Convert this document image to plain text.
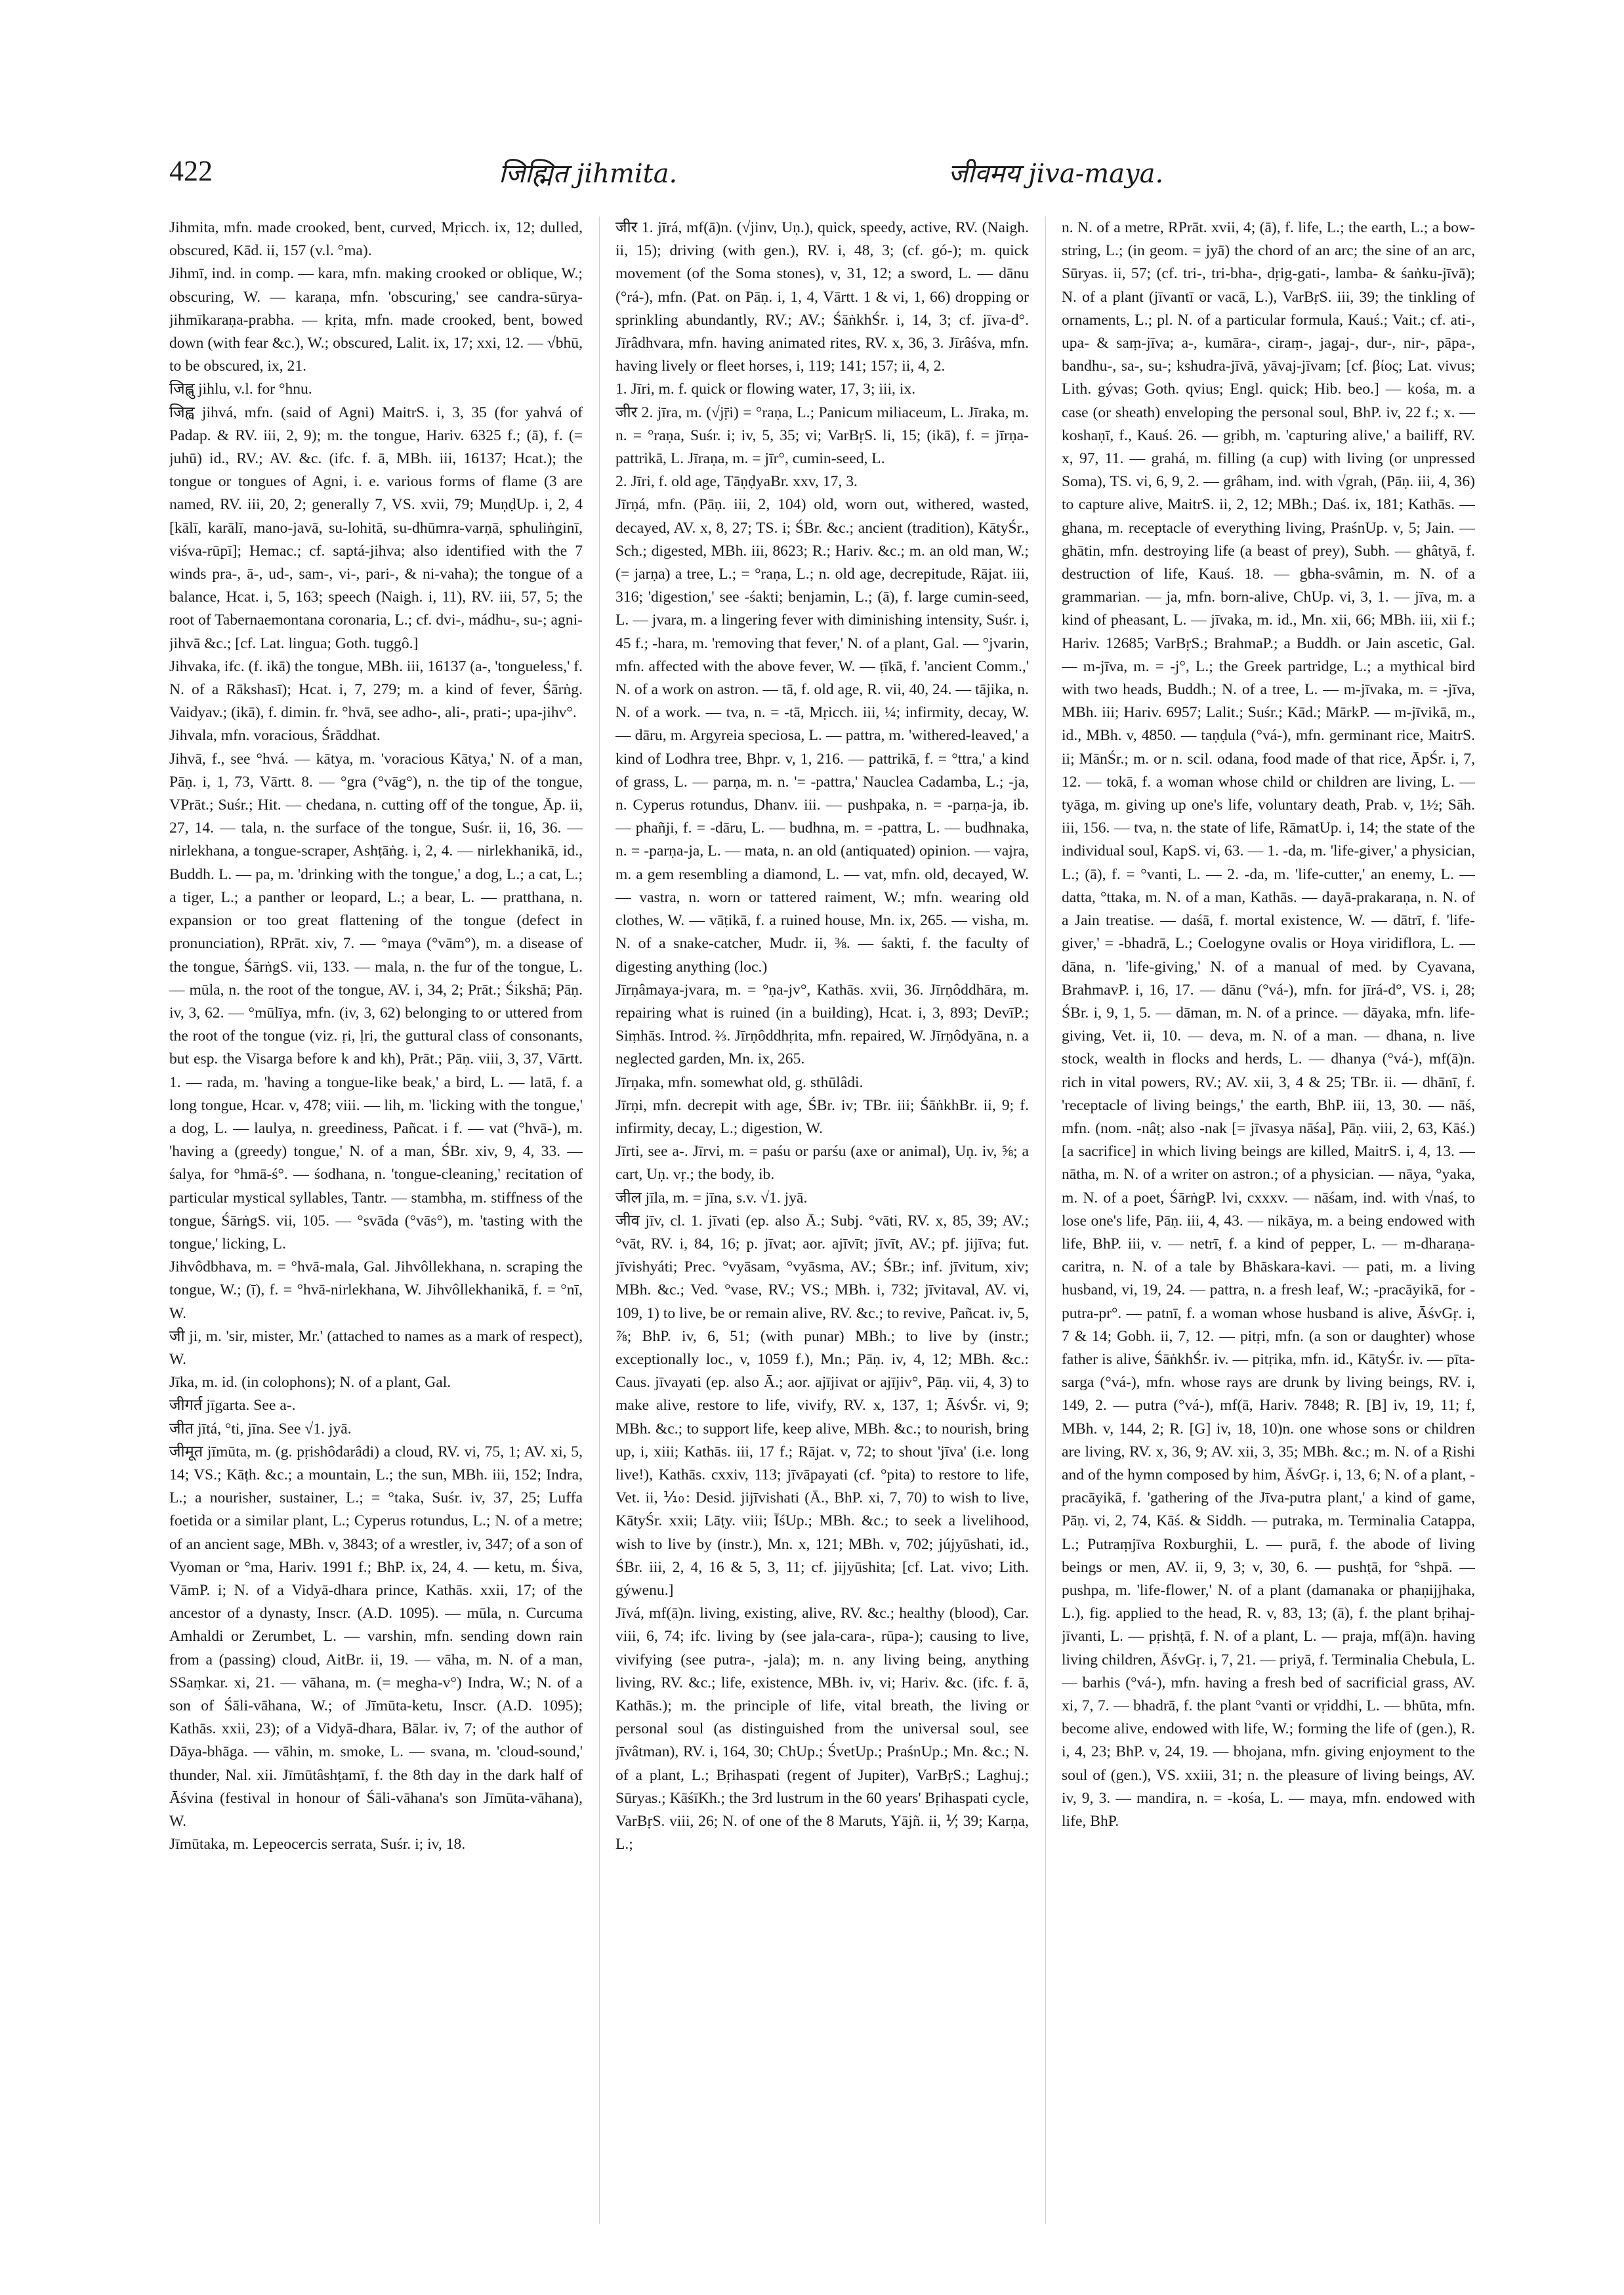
422	जिह्मित jihmita.	जीवमय jiva-maya.

Jihmita, mfn. made crooked, bent, curved, Mṛicch. ix, 12; dulled, obscured, Kād. ii, 157 (v.l. °ma).

Jihmī, ind. in comp. — kara, mfn. making crooked or oblique, W.; obscuring, W. — karaṇa, mfn. 'obscuring,' see candra-sūrya-jihmīkaraṇa-prabha. — kṛita, mfn. made crooked, bent, bowed down (with fear &c.), W.; obscured, Lalit. ix, 17; xxi, 12. — √bhū, to be obscured, ix, 21.

जिह्लु jihlu, v.l. for °hnu.

जिह्व jihvá, mfn. (said of Agni) MaitrS. i, 3, 35 (for yahvá of Padap. & RV. iii, 2, 9); m. the tongue, Hariv. 6325 f.; (ā), f. (= juhū) id., RV.; AV. &c. (ifc. f. ā, MBh. iii, 16137; Hcat.); the tongue or tongues of Agni, i. e. various forms of flame (3 are named, RV. iii, 20, 2; generally 7, VS. xvii, 79; MuṇḍUp. i, 2, 4 [kālī, karālī, mano-javā, su-lohitā, su-dhūmra-varṇā, sphuliṅginī, viśva-rūpī]; Hemac.; cf. saptá-jihva; also identified with the 7 winds pra-, ā-, ud-, sam-, vi-, pari-, & ni-vaha); the tongue of a balance, Hcat. i, 5, 163; speech (Naigh. i, 11), RV. iii, 57, 5; the root of Tabernaemontana coronaria, L.; cf. dvi-, mádhu-, su-; agni-jihvā &c.; [cf. Lat. lingua; Goth. tuggô.]

Jihvaka, ifc. (f. ikā) the tongue, MBh. iii, 16137 (a-, 'tongueless,' f. N. of a Rākshasī); Hcat. i, 7, 279; m. a kind of fever, Śārṅg. Vaidyav.; (ikā), f. dimin. fr. °hvā, see adho-, ali-, prati-; upa-jihv°.

Jihvala, mfn. voracious, Śrāddhat.

Jihvā, f., see °hvá. — kātya, m. 'voracious Kātya,' N. of a man, Pāṇ. i, 1, 73, Vārtt. 8. — °gra (°vāg°), n. the tip of the tongue, VPrāt.; Suśr.; Hit. — chedana, n. cutting off of the tongue, Āp. ii, 27, 14. — tala, n. the surface of the tongue, Suśr. ii, 16, 36. — nirlekhana, a tongue-scraper, Ashṭāṅg. i, 2, 4. — nirlekhanikā, id., Buddh. L. — pa, m. 'drinking with the tongue,' a dog, L.; a cat, L.; a tiger, L.; a panther or leopard, L.; a bear, L. — pratthana, n. expansion or too great flattening of the tongue (defect in pronunciation), RPrāt. xiv, 7. — °maya (°vām°), m. a disease of the tongue, ŚārṅgS. vii, 133. — mala, n. the fur of the tongue, L. — mūla, n. the root of the tongue, AV. i, 34, 2; Prāt.; Śikshā; Pāṇ. iv, 3, 62. — °mūlīya, mfn. (iv, 3, 62) belonging to or uttered from the root of the tongue (viz. ṛi, ḷri, the guttural class of consonants, but esp. the Visarga before k and kh), Prāt.; Pāṇ. viii, 3, 37, Vārtt. 1. — rada, m. 'having a tongue-like beak,' a bird, L. — latā, f. a long tongue, Hcar. v, 478; viii. — lih, m. 'licking with the tongue,' a dog, L. — laulya, n. greediness, Pañcat. i f. — vat (°hvā-), m. 'having a (greedy) tongue,' N. of a man, ŚBr. xiv, 9, 4, 33. — śalya, for °hmā-ś°. — śodhana, n. 'tongue-cleaning,' recitation of particular mystical syllables, Tantr. — stambha, m. stiffness of the tongue, ŚārṅgS. vii, 105. — °svāda (°vās°), m. 'tasting with the tongue,' licking, L.

Jihvôdbhava, m. = °hvā-mala, Gal. Jihvôllekhana, n. scraping the tongue, W.; (ī), f. = °hvā-nirlekhana, W. Jihvôllekhanikā, f. = °nī, W.

जी ji, m. 'sir, mister, Mr.' (attached to names as a mark of respect), W.

Jīka, m. id. (in colophons); N. of a plant, Gal.

जीगर्त jīgarta. See a-.

जीत jītá, °ti, jīna. See √1. jyā.

जीमूत jīmūta, m. (g. pṛishôdarâdi) a cloud, RV. vi, 75, 1; AV. xi, 5, 14; VS.; Kāṭh. &c.; a mountain, L.; the sun, MBh. iii, 152; Indra, L.; a nourisher, sustainer, L.; = °taka, Suśr. iv, 37, 25; Luffa foetida or a similar plant, L.; Cyperus rotundus, L.; N. of a metre; of an ancient sage, MBh. v, 3843; of a wrestler, iv, 347; of a son of Vyoman or °ma, Hariv. 1991 f.; BhP. ix, 24, 4. — ketu, m. Śiva, VāmP. i; N. of a Vidyā-dhara prince, Kathās. xxii, 17; of the ancestor of a dynasty, Inscr. (A.D. 1095). — mūla, n. Curcuma Amhaldi or Zerumbet, L. — varshin, mfn. sending down rain from a (passing) cloud, AitBr. ii, 19. — vāha, m. N. of a man, SSaṃkar. xi, 21. — vāhana, m. (= megha-v°) Indra, W.; N. of a son of Śāli-vāhana, W.; of Jīmūta-ketu, Inscr. (A.D. 1095); Kathās. xxii, 23); of a Vidyā-dhara, Bālar. iv, 7; of the author of Dāya-bhāga. — vāhin, m. smoke, L. — svana, m. 'cloud-sound,' thunder, Nal. xii. Jīmūtâshṭamī, f. the 8th day in the dark half of Āśvina (festival in honour of Śāli-vāhana's son Jīmūta-vāhana), W.

Jīmūtaka, m. Lepeocercis serrata, Suśr. i; iv, 18.

जीर 1. jīrá, mf(ā)n. (√jinv, Uṇ.), quick, speedy, active, RV. (Naigh. ii, 15); driving (with gen.), RV. i, 48, 3; (cf. gó-); m. quick movement (of the Soma stones), v, 31, 12; a sword, L. — dānu (°rá-), mfn. (Pat. on Pāṇ. i, 1, 4, Vārtt. 1 & vi, 1, 66) dropping or sprinkling abundantly, RV.; AV.; ŚāṅkhŚr. i, 14, 3; cf. jīva-d°. Jīrâdhvara, mfn. having animated rites, RV. x, 36, 3. Jīrâśva, mfn. having lively or fleet horses, i, 119; 141; 157; ii, 4, 2.

1. Jīri, m. f. quick or flowing water, 17, 3; iii, ix.

जीर 2. jīra, m. (√jṝi) = °raṇa, L.; Panicum miliaceum, L. Jīraka, m. n. = °raṇa, Suśr. i; iv, 5, 35; vi; VarBṛS. li, 15; (ikā), f. = jīrṇa-pattrikā, L. Jīraṇa, m. = jīr°, cumin-seed, L.

2. Jīri, f. old age, TāṇḍyaBr. xxv, 17, 3.

Jīrṇá, mfn. (Pāṇ. iii, 2, 104) old, worn out, withered, wasted, decayed, AV. x, 8, 27; TS. i; ŚBr. &c.; ancient (tradition), KātyŚr., Sch.; digested, MBh. iii, 8623; R.; Hariv. &c.; m. an old man, W.; (= jarṇa) a tree, L.; = °raṇa, L.; n. old age, decrepitude, Rājat. iii, 316; 'digestion,' see -śakti; benjamin, L.; (ā), f. large cumin-seed, L. — jvara, m. a lingering fever with diminishing intensity, Suśr. i, 45 f.; -hara, m. 'removing that fever,' N. of a plant, Gal. — °jvarin, mfn. affected with the above fever, W. — ṭīkā, f. 'ancient Comm.,' N. of a work on astron. — tā, f. old age, R. vii, 40, 24. — tājika, n. N. of a work. — tva, n. = -tā, Mṛicch. iii, ¼; infirmity, decay, W. — dāru, m. Argyreia speciosa, L. — pattra, m. 'withered-leaved,' a kind of Lodhra tree, Bhpr. v, 1, 216. — pattrikā, f. = °ttra,' a kind of grass, L. — parṇa, m. n. '= -pattra,' Nauclea Cadamba, L.; -ja, n. Cyperus rotundus, Dhanv. iii. — pushpaka, n. = -parṇa-ja, ib. — phañji, f. = -dāru, L. — budhna, m. = -pattra, L. — budhnaka, n. = -parṇa-ja, L. — mata, n. an old (antiquated) opinion. — vajra, m. a gem resembling a diamond, L. — vat, mfn. old, decayed, W. — vastra, n. worn or tattered raiment, W.; mfn. wearing old clothes, W. — vāṭikā, f. a ruined house, Mn. ix, 265. — visha, m. N. of a snake-catcher, Mudr. ii, ⅜. — śakti, f. the faculty of digesting anything (loc.)

Jīrṇâmaya-jvara, m. = °ṇa-jv°, Kathās. xvii, 36. Jīrṇôddhāra, m. repairing what is ruined (in a building), Hcat. i, 3, 893; DevīP.; Siṃhās. Introd. ⅔. Jīrṇôddhṛita, mfn. repaired, W. Jīrṇôdyāna, n. a neglected garden, Mn. ix, 265.

Jīrṇaka, mfn. somewhat old, g. sthūlâdi.

Jīrṇi, mfn. decrepit with age, ŚBr. iv; TBr. iii; ŚāṅkhBr. ii, 9; f. infirmity, decay, L.; digestion, W.

Jīrti, see a-. Jīrvi, m. = paśu or parśu (axe or animal), Uṇ. iv, ⅝; a cart, Uṇ. vṛ.; the body, ib.

जील jīla, m. = jīna, s.v. √1. jyā.

जीव jīv, cl. 1. jīvati (ep. also Ā.; Subj. °vāti, RV. x, 85, 39; AV.; °vāt, RV. i, 84, 16; p. jīvat; aor. ajīvīt; jīvīt, AV.; pf. jijīva; fut. jīvishyáti; Prec. °vyāsam, °vyāsma, AV.; ŚBr.; inf. jīvitum, xiv; MBh. &c.; Ved. °vase, RV.; VS.; MBh. i, 732; jīvitaval, AV. vi, 109, 1) to live, be or remain alive, RV. &c.; to revive, Pañcat. iv, 5, ⅞; BhP. iv, 6, 51; (with punar) MBh.; to live by (instr.; exceptionally loc., v, 1059 f.), Mn.; Pāṇ. iv, 4, 12; MBh. &c.: Caus. jīvayati (ep. also Ā.; aor. ajījivat or ajījiv°, Pāṇ. vii, 4, 3) to make alive, restore to life, vivify, RV. x, 137, 1; ĀśvŚr. vi, 9; MBh. &c.; to support life, keep alive, MBh. &c.; to nourish, bring up, i, xiii; Kathās. iii, 17 f.; Rājat. v, 72; to shout 'jīva' (i.e. long live!), Kathās. cxxiv, 113; jīvāpayati (cf. °pita) to restore to life, Vet. ii, ⅒: Desid. jijīvishati (Ā., BhP. xi, 7, 70) to wish to live, KātyŚr. xxii; Lāṭy. viii; ĪśUp.; MBh. &c.; to seek a livelihood, wish to live by (instr.), Mn. x, 121; MBh. v, 702; jújyūshati, id., ŚBr. iii, 2, 4, 16 & 5, 3, 11; cf. jijyūshita; [cf. Lat. vivo; Lith. gýwenu.]

Jīvá, mf(ā)n. living, existing, alive, RV. &c.; healthy (blood), Car. viii, 6, 74; ifc. living by (see jala-cara-, rūpa-); causing to live, vivifying (see putra-, -jala); m. n. any living being, anything living, RV. &c.; life, existence, MBh. iv, vi; Hariv. &c. (ifc. f. ā, Kathās.); m. the principle of life, vital breath, the living or personal soul (as distinguished from the universal soul, see jīvâtman), RV. i, 164, 30; ChUp.; ŚvetUp.; PraśnUp.; Mn. &c.; N. of a plant, L.; Bṛihaspati (regent of Jupiter), VarBṛS.; Laghuj.; Sūryas.; KāśīKh.; the 3rd lustrum in the 60 years' Bṛihaspati cycle, VarBṛS. viii, 26; N. of one of the 8 Maruts, Yājñ. ii, ⅟; 39; Karṇa, L.;

n. N. of a metre, RPrāt. xvii, 4; (ā), f. life, L.; the earth, L.; a bow-string, L.; (in geom. = jyā) the chord of an arc; the sine of an arc, Sūryas. ii, 57; (cf. tri-, tri-bha-, dṛig-gati-, lamba- & śaṅku-jīvā); N. of a plant (jīvantī or vacā, L.), VarBṛS. iii, 39; the tinkling of ornaments, L.; pl. N. of a particular formula, Kauś.; Vait.; cf. ati-, upa- & saṃ-jīva; a-, kumāra-, ciraṃ-, jagaj-, dur-, nir-, pāpa-, bandhu-, sa-, su-; kshudra-jīvā, yāvaj-jīvam; [cf. βίος; Lat. vivus; Lith. gývas; Goth. qvius; Engl. quick; Hib. beo.] — kośa, m. a case (or sheath) enveloping the personal soul, BhP. iv, 22 f.; x. — koshaṇī, f., Kauś. 26. — gṛibh, m. 'capturing alive,' a bailiff, RV. x, 97, 11. — grahá, m. filling (a cup) with living (or unpressed Soma), TS. vi, 6, 9, 2. — grâham, ind. with √grah, (Pāṇ. iii, 4, 36) to capture alive, MaitrS. ii, 2, 12; MBh.; Daś. ix, 181; Kathās. — ghana, m. receptacle of everything living, PraśnUp. v, 5; Jain. — ghātin, mfn. destroying life (a beast of prey), Subh. — ghâtyā, f. destruction of life, Kauś. 18. — gbha-svâmin, m. N. of a grammarian. — ja, mfn. born-alive, ChUp. vi, 3, 1. — jīva, m. a kind of pheasant, L. — jīvaka, m. id., Mn. xii, 66; MBh. iii, xii f.; Hariv. 12685; VarBṛS.; BrahmaP.; a Buddh. or Jain ascetic, Gal. — m-jīva, m. = -j°, L.; the Greek partridge, L.; a mythical bird with two heads, Buddh.; N. of a tree, L. — m-jīvaka, m. = -jīva, MBh. iii; Hariv. 6957; Lalit.; Suśr.; Kād.; MārkP. — m-jīvikā, m., id., MBh. v, 4850. — taṇḍula (°vá-), mfn. germinant rice, MaitrS. ii; MānŚr.; m. or n. scil. odana, food made of that rice, ĀpŚr. i, 7, 12. — tokā, f. a woman whose child or children are living, L. — tyāga, m. giving up one's life, voluntary death, Prab. v, 1½; Sāh. iii, 156. — tva, n. the state of life, RāmatUp. i, 14; the state of the individual soul, KapS. vi, 63. — 1. -da, m. 'life-giver,' a physician, L.; (ā), f. = °vanti, L. — 2. -da, m. 'life-cutter,' an enemy, L. — datta, °ttaka, m. N. of a man, Kathās. — dayā-prakaraṇa, n. N. of a Jain treatise. — daśā, f. mortal existence, W. — dātrī, f. 'life-giver,' = -bhadrā, L.; Coelogyne ovalis or Hoya viridiflora, L. — dāna, n. 'life-giving,' N. of a manual of med. by Cyavana, BrahmavP. i, 16, 17. — dānu (°vá-), mfn. for jīrá-d°, VS. i, 28; ŚBr. i, 9, 1, 5. — dāman, m. N. of a prince. — dāyaka, mfn. life-giving, Vet. ii, 10. — deva, m. N. of a man. — dhana, n. live stock, wealth in flocks and herds, L. — dhanya (°vá-), mf(ā)n. rich in vital powers, RV.; AV. xii, 3, 4 & 25; TBr. ii. — dhānī, f. 'receptacle of living beings,' the earth, BhP. iii, 13, 30. — nāś, mfn. (nom. -nâṭ; also -nak [= jīvasya nāśa], Pāṇ. viii, 2, 63, Kāś.) [a sacrifice] in which living beings are killed, MaitrS. i, 4, 13. — nātha, m. N. of a writer on astron.; of a physician. — nāya, °yaka, m. N. of a poet, ŚārṅgP. lvi, cxxxv. — nāśam, ind. with √naś, to lose one's life, Pāṇ. iii, 4, 43. — nikāya, m. a being endowed with life, BhP. iii, v. — netrī, f. a kind of pepper, L. — m-dharaṇa-caritra, n. N. of a tale by Bhāskara-kavi. — pati, m. a living husband, vi, 19, 24. — pattra, n. a fresh leaf, W.; -pracāyikā, for -putra-pr°. — patnī, f. a woman whose husband is alive, ĀśvGṛ. i, 7 & 14; Gobh. ii, 7, 12. — pitṛi, mfn. (a son or daughter) whose father is alive, ŚāṅkhŚr. iv. — pitṛika, mfn. id., KātyŚr. iv. — pīta-sarga (°vá-), mfn. whose rays are drunk by living beings, RV. i, 149, 2. — putra (°vá-), mf(ā, Hariv. 7848; R. [B] iv, 19, 11; f, MBh. v, 144, 2; R. [G] iv, 18, 10)n. one whose sons or children are living, RV. x, 36, 9; AV. xii, 3, 35; MBh. &c.; m. N. of a Ṛishi and of the hymn composed by him, ĀśvGṛ. i, 13, 6; N. of a plant, -pracāyikā, f. 'gathering of the Jīva-putra plant,' a kind of game, Pāṇ. vi, 2, 74, Kāś. & Siddh. — putraka, m. Terminalia Catappa, L.; Putraṃjīva Roxburghii, L. — purā, f. the abode of living beings or men, AV. ii, 9, 3; v, 30, 6. — pushṭā, for °shpā. — pushpa, m. 'life-flower,' N. of a plant (damanaka or phaṇijjhaka, L.), fig. applied to the head, R. v, 83, 13; (ā), f. the plant bṛihaj-jīvanti, L. — pṛishṭā, f. N. of a plant, L. — praja, mf(ā)n. having living children, ĀśvGṛ. i, 7, 21. — priyā, f. Terminalia Chebula, L. — barhis (°vá-), mfn. having a fresh bed of sacrificial grass, AV. xi, 7, 7. — bhadrā, f. the plant °vanti or vṛiddhi, L. — bhūta, mfn. become alive, endowed with life, W.; forming the life of (gen.), R. i, 4, 23; BhP. v, 24, 19. — bhojana, mfn. giving enjoyment to the soul of (gen.), VS. xxiii, 31; n. the pleasure of living beings, AV. iv, 9, 3. — mandira, n. = -kośa, L. — maya, mfn. endowed with life, BhP.
